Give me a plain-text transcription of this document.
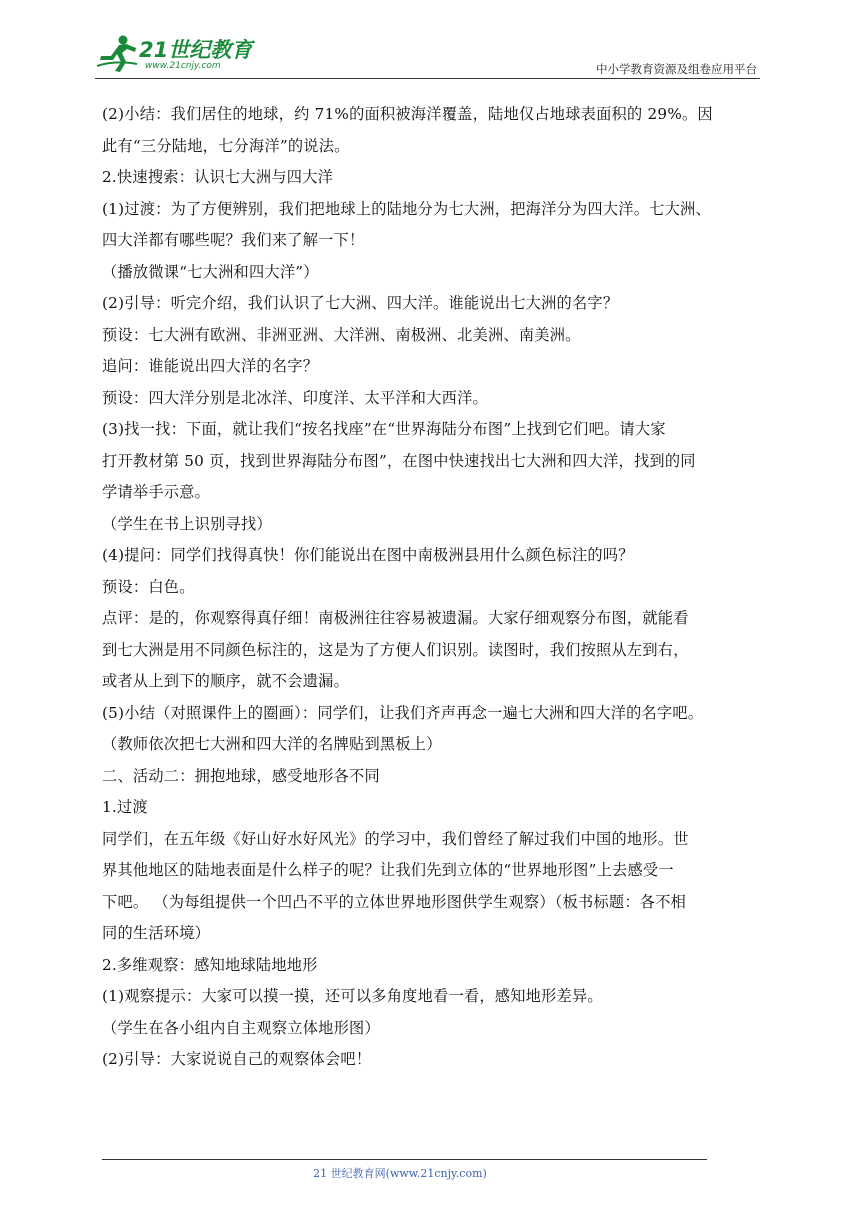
21世纪教育
www.21cnjy.com	中小学教育资源及组卷应用平台
(2)小结：我们居住的地球，约 71%的面积被海洋覆盖，陆地仅占地球表面积的 29%。因
此有“三分陆地，七分海洋”的说法。
2.快速搜索：认识七大洲与四大洋
(1)过渡：为了方便辨别，我们把地球上的陆地分为七大洲，把海洋分为四大洋。七大洲、
四大洋都有哪些呢？我们来了解一下！
（播放微课“七大洲和四大洋”）
(2)引导：听完介绍，我们认识了七大洲、四大洋。谁能说出七大洲的名字？
预设：七大洲有欧洲、非洲亚洲、大洋洲、南极洲、北美洲、南美洲。
追问：谁能说出四大洋的名字？
预设：四大洋分别是北冰洋、印度洋、太平洋和大西洋。
(3)找一找：下面，就让我们“按名找座”在“世界海陆分布图”上找到它们吧。请大家
打开教材第 50 页，找到世界海陆分布图”，在图中快速找出七大洲和四大洋，找到的同
学请举手示意。
（学生在书上识别寻找）
(4)提问：同学们找得真快！你们能说出在图中南极洲县用什么颜色标注的吗？
预设：白色。
点评：是的，你观察得真仔细！南极洲往往容易被遗漏。大家仔细观察分布图，就能看
到七大洲是用不同颜色标注的，这是为了方便人们识别。读图时，我们按照从左到右，
或者从上到下的顺序，就不会遗漏。
(5)小结（对照课件上的圈画）：同学们，让我们齐声再念一遍七大洲和四大洋的名字吧。
（教师依次把七大洲和四大洋的名牌贴到黑板上）
二、活动二：拥抱地球，感受地形各不同
1.过渡
同学们，在五年级《好山好水好风光》的学习中，我们曾经了解过我们中国的地形。世
界其他地区的陆地表面是什么样子的呢？让我们先到立体的“世界地形图”上去感受一
下吧。 （为每组提供一个凹凸不平的立体世界地形图供学生观察）（板书标题：各不相
同的生活环境）
2.多维观察：感知地球陆地地形
(1)观察提示：大家可以摸一摸，还可以多角度地看一看，感知地形差异。
（学生在各小组内自主观察立体地形图）
(2)引导：大家说说自己的观察体会吧！
21 世纪教育网(www.21cnjy.com)
